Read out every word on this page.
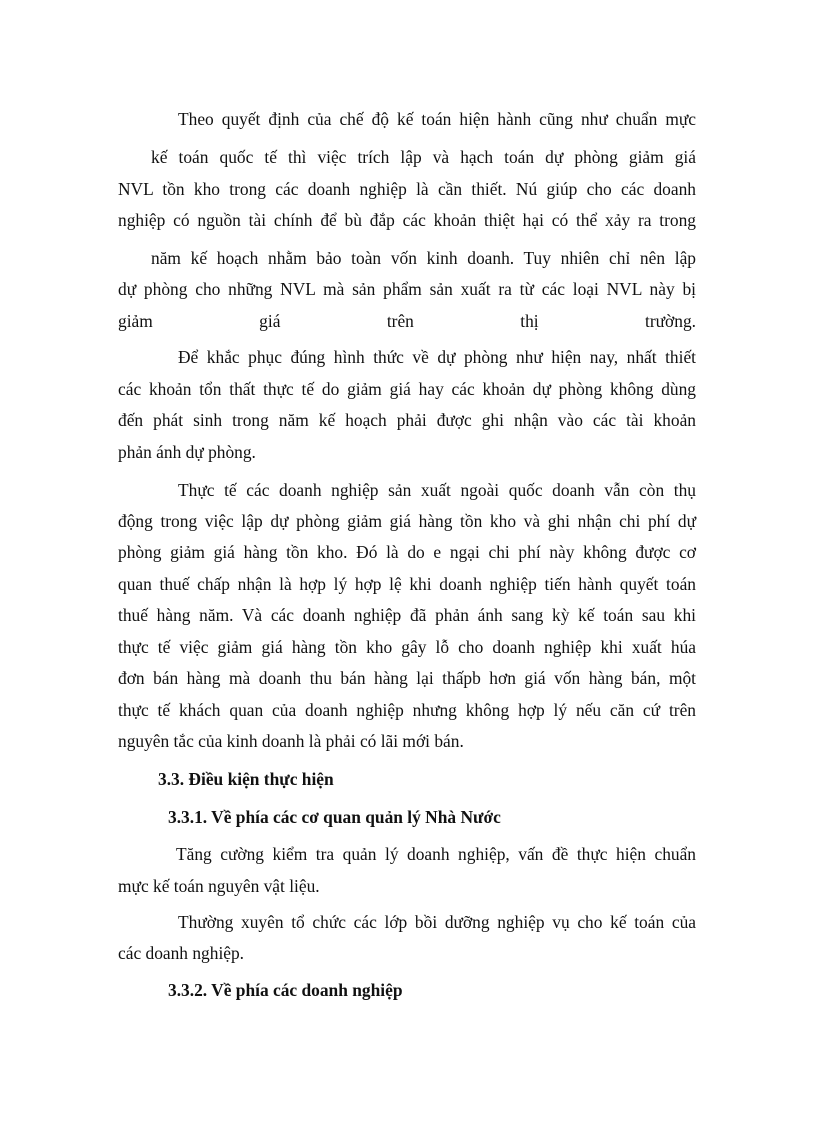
Theo quyết định của chế độ kế toán hiện hành cũng như chuẩn mực
kế toán quốc tế thì việc trích lập và hạch toán dự phòng giảm giá
NVL tồn kho trong các doanh nghiệp là cần thiết. Nú giúp cho các doanh
nghiệp có nguồn tài chính để bù đắp các khoản thiệt hại có thể xảy ra trong
năm kế hoạch nhằm bảo toàn vốn kinh doanh. Tuy nhiên chỉ nên lập
dự phòng cho những NVL mà sản phẩm sản xuất ra từ các loại NVL này bị
giảm giá trên thị trường.
Để khắc phục đúng hình thức về dự phòng như hiện nay, nhất thiết
các khoản tổn thất thực tế do giảm giá hay các khoản dự phòng không dùng
đến phát sinh trong năm kế hoạch phải được ghi nhận vào các tài khoản
phản ánh dự phòng.
Thực tế các doanh nghiệp sản xuất ngoài quốc doanh vẫn còn thụ
động trong việc lập dự phòng giảm giá hàng tồn kho và ghi nhận chi phí dự
phòng giảm giá hàng tồn kho. Đó là do e ngại chi phí này không được cơ
quan thuế chấp nhận là hợp lý hợp lệ khi doanh nghiệp tiến hành quyết toán
thuế hàng năm. Và các doanh nghiệp đã phản ánh sang kỳ kế toán sau khi
thực tế việc giảm giá hàng tồn kho gây lỗ cho doanh nghiệp khi xuất húa
đơn bán hàng mà doanh thu bán hàng lại thấpb hơn giá vốn hàng bán, một
thực tế khách quan của doanh nghiệp nhưng không hợp lý nếu căn cứ trên
nguyên tắc của kinh doanh là phải có lãi mới bán.
3.3. Điều kiện thực hiện
3.3.1. Về phía các cơ quan quản lý Nhà Nước
Tăng cường kiểm tra quản lý doanh nghiệp, vấn đề thực hiện chuẩn
mực kế toán nguyên vật liệu.
Thường xuyên tổ chức các lớp bồi dưỡng nghiệp vụ cho kế toán của
các doanh nghiệp.
3.3.2. Về phía các doanh nghiệp
